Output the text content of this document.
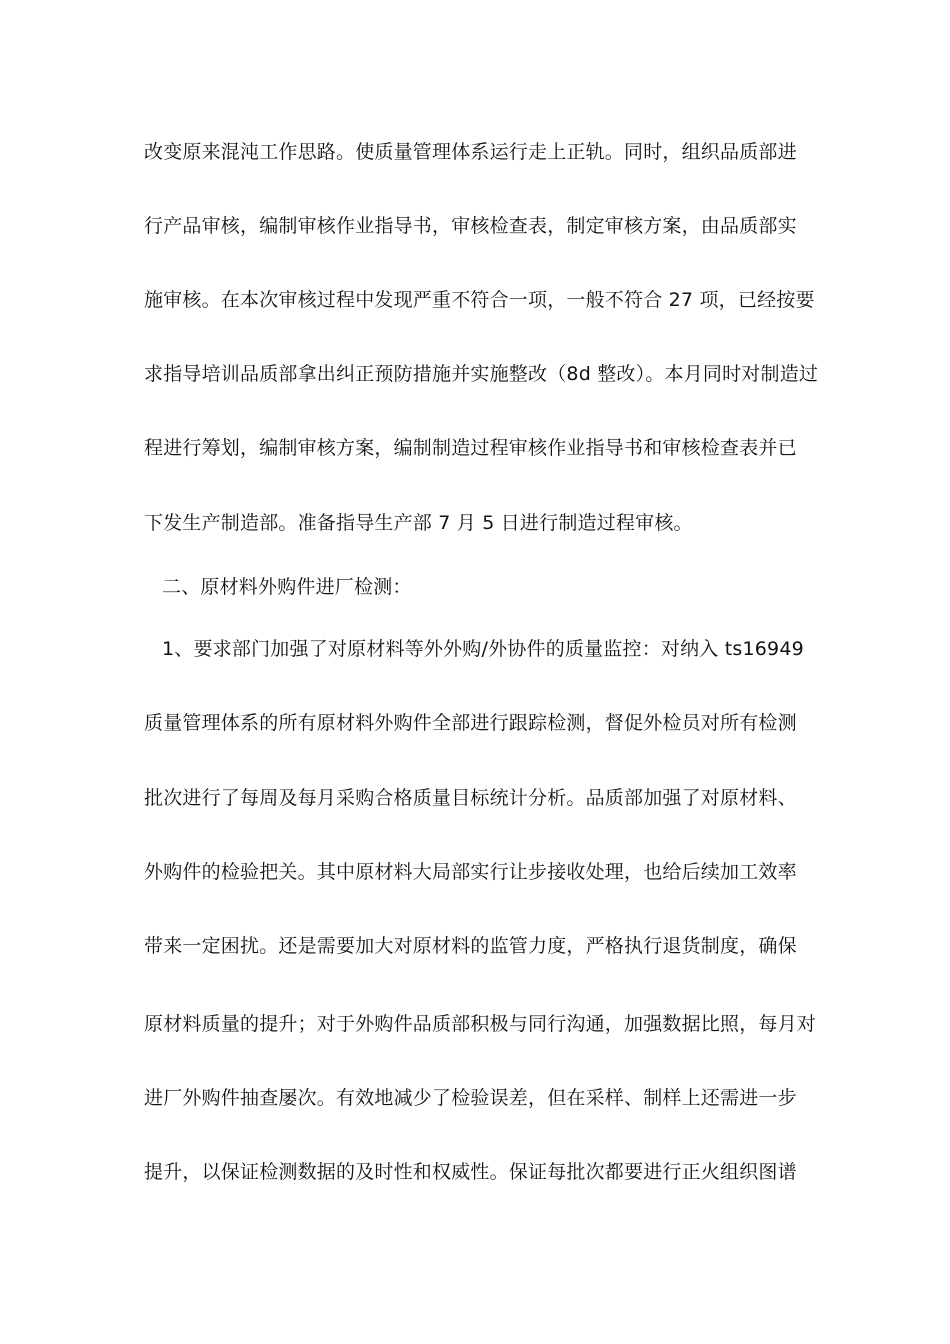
改变原来混沌工作思路。使质量管理体系运行走上正轨。同时，组织品质部进
行产品审核，编制审核作业指导书，审核检查表，制定审核方案，由品质部实
施审核。在本次审核过程中发现严重不符合一项，一般不符合 27 项，已经按要
求指导培训品质部拿出纠正预防措施并实施整改（8d 整改）。本月同时对制造过
程进行筹划，编制审核方案，编制制造过程审核作业指导书和审核检查表并已
下发生产制造部。准备指导生产部 7 月 5 日进行制造过程审核。
二、原材料外购件进厂检测：
1、要求部门加强了对原材料等外外购/外协件的质量监控：对纳入 ts16949
质量管理体系的所有原材料外购件全部进行跟踪检测，督促外检员对所有检测
批次进行了每周及每月采购合格质量目标统计分析。品质部加强了对原材料、
外购件的检验把关。其中原材料大局部实行让步接收处理，也给后续加工效率
带来一定困扰。还是需要加大对原材料的监管力度，严格执行退货制度，确保
原材料质量的提升；对于外购件品质部积极与同行沟通，加强数据比照，每月对
进厂外购件抽查屡次。有效地减少了检验误差，但在采样、制样上还需进一步
提升，以保证检测数据的及时性和权威性。保证每批次都要进行正火组织图谱
